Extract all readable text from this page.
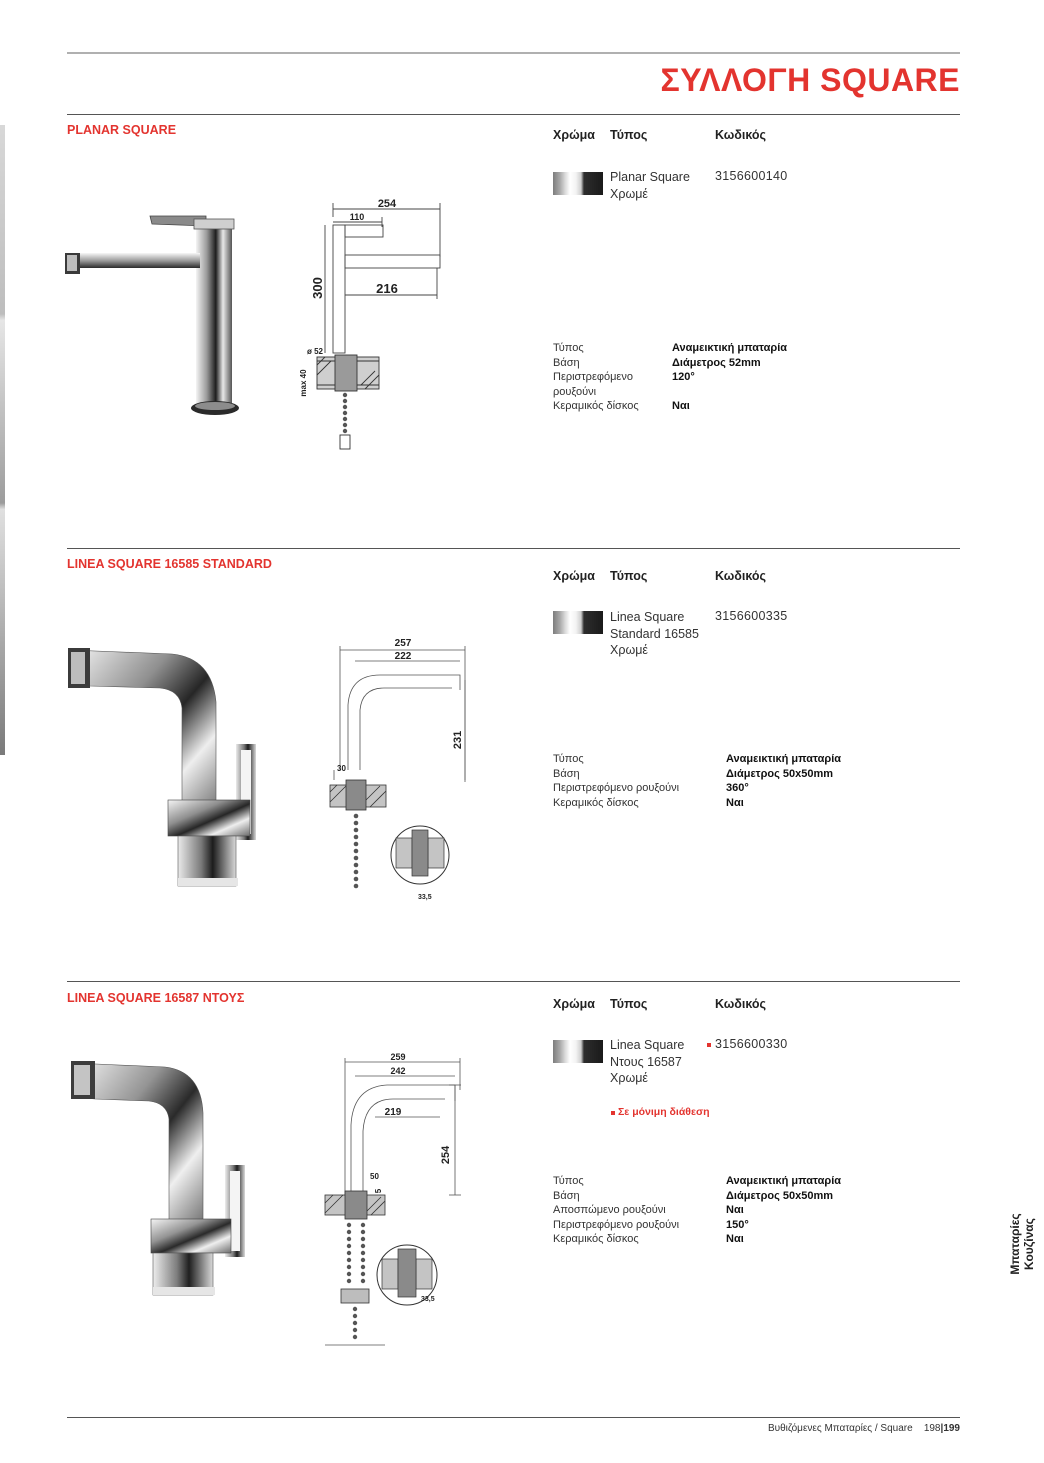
ΣΥΛΛΟΓΗ SQUARE
PLANAR SQUARE	Χρώμα Τύπος	Κωδικός
Planar Square
Χρωμέ
3156600140
Τύπος	Αναμεικτική μπαταρία
Βάση	Διάμετρος 52mm
Περιστρεφόμενο ρουξούνι
120°
Κεραμικός δίσκος	Ναι
254
110
216
300
ø 52
max 40
LINEA SQUARE 16585 STANDARD
Χρώμα Τύπος	Κωδικός
Linea Square
Standard 16585
Χρωμέ
3156600335
Τύπος	Αναμεικτική μπαταρία
Βάση	Διάμετρος 50x50mm
Περιστρεφόμενο ρουξούνι	360°
Κεραμικός δίσκος	Ναι
257
222
231
30
33,5
LINEA SQUARE 16587 ΝΤΟΥΣ	Χρώμα Τύπος	Κωδικός
Linea Square
Ντους 16587
Χρωμέ
3156600330
Σε μόνιμη διάθεση
Τύπος	Αναμεικτική μπαταρία
Βάση	Διάμετρος 50x50mm
Αποσπώμενο ρουξούνι	Ναι
Περιστρεφόμενο ρουξούνι	150°
Κεραμικός δίσκος	Ναι
259
242
219
254
50
5
33,5
Μπαταρίες Κουζίνας
Βυθιζόμενες Μπαταρίες / Square 198|199
